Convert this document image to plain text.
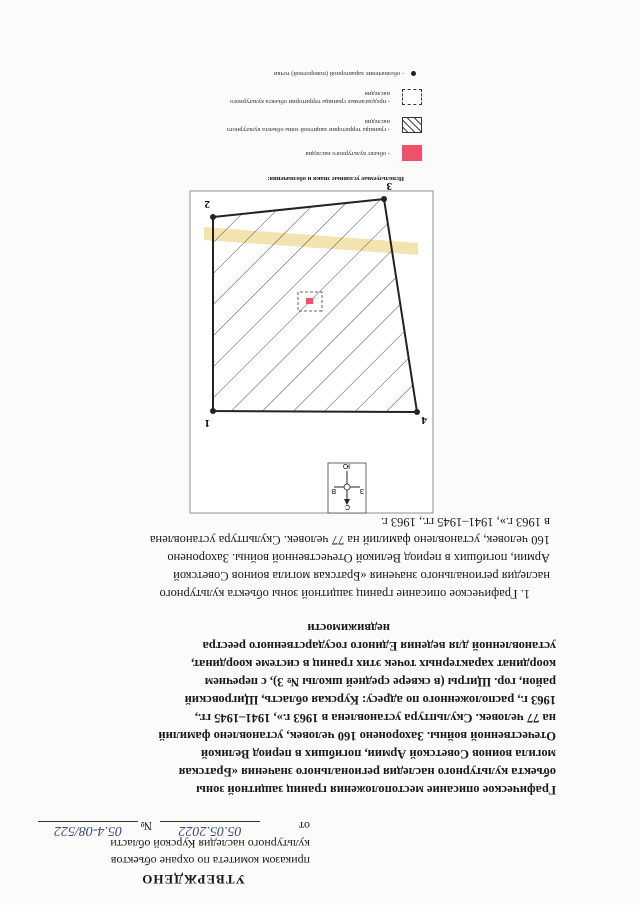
УТВЕРЖДЕНО
приказом комитета по охране объектов
культурного наследия Курской области
от
05.05.2022
№
05.4-08/522
Графическое описание местоположения границ защитной зоны
объекта культурного наследия регионального значения «Братская
могила воинов Советской Армии, погибших в период Великой
Отечественной войны. Захоронено 160 человек, установлено фамилий
на 77 человек. Скульптура установлена в 1963 г.», 1941–1945 гг.,
1963 г., расположенного по адресу: Курская область, Щигровский
район, гор. Щигры (в сквере средней школы № 3), с перечнем
координат характерных точек этих границ в системе координат,
установленной для ведения Единого государственного реестра
недвижимости
1. Графическое описание границ защитной зоны объекта культурного
наследия регионального значения «Братская могила воинов Советской
Армии, погибших в период Великой Отечественной войны. Захоронено
160 человек, установлено фамилий на 77 человек. Скульптура установлена
в 1963 г.», 1941–1945 гг., 1963 г.
4
3
2
1
С
Ю
З
В
Используемые условные знаки и обозначения:
- объект культурного наследия
- границы территории защитной зоны объекта культурного наследия
- предлагаемые границы территории объекта культурного наследия
- обозначение характерной (поворотной) точки
